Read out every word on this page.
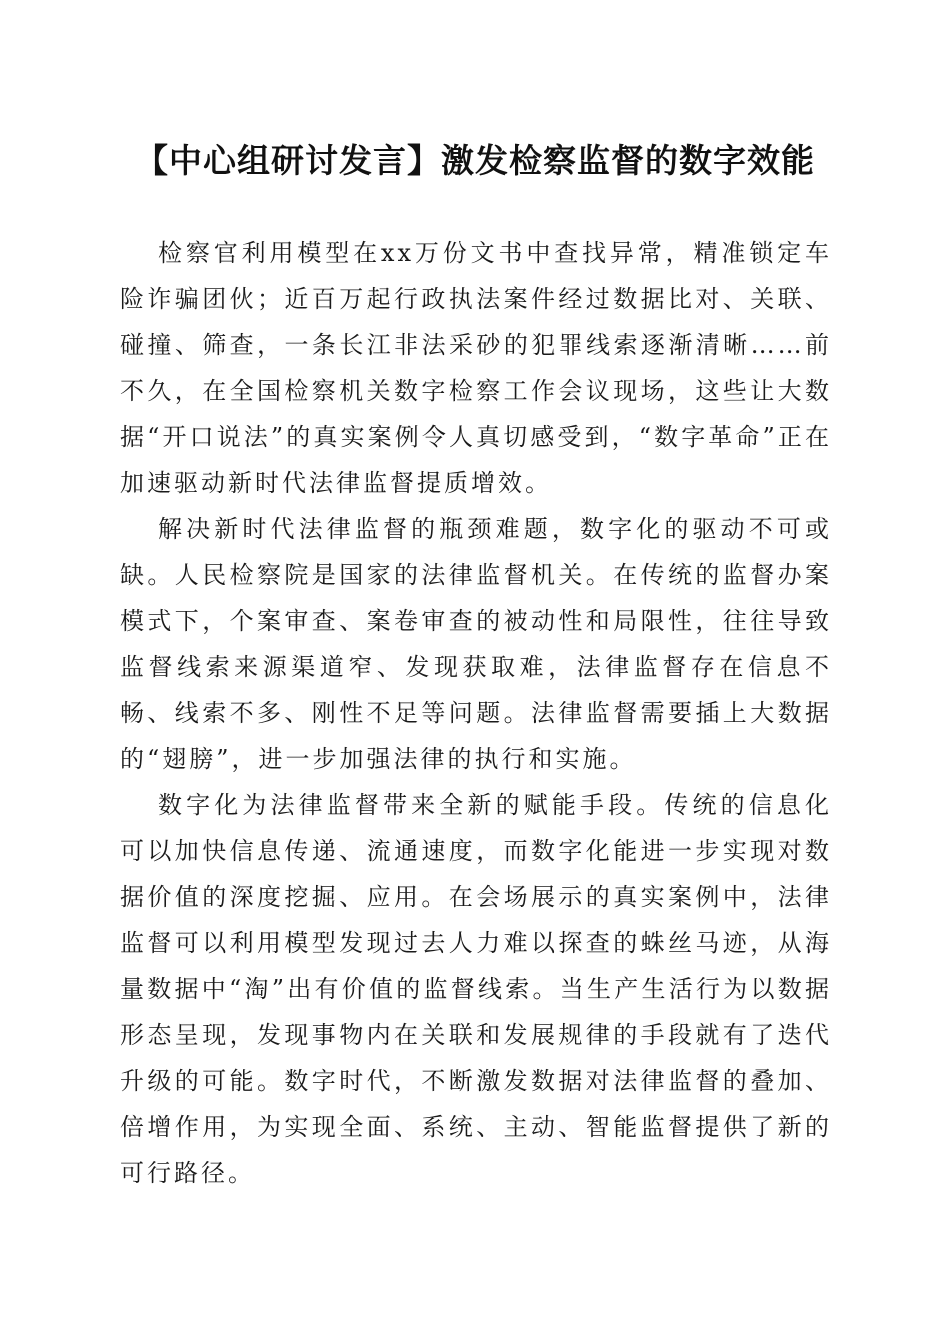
【中心组研讨发言】激发检察监督的数字效能

检察官利用模型在xx万份文书中查找异常，精准锁定车险诈骗团伙；近百万起行政执法案件经过数据比对、关联、碰撞、筛查，一条长江非法采砂的犯罪线索逐渐清晰……前不久，在全国检察机关数字检察工作会议现场，这些让大数据“开口说法”的真实案例令人真切感受到，“数字革命”正在加速驱动新时代法律监督提质增效。

解决新时代法律监督的瓶颈难题，数字化的驱动不可或缺。人民检察院是国家的法律监督机关。在传统的监督办案模式下，个案审查、案卷审查的被动性和局限性，往往导致监督线索来源渠道窄、发现获取难，法律监督存在信息不畅、线索不多、刚性不足等问题。法律监督需要插上大数据的“翅膀”，进一步加强法律的执行和实施。

数字化为法律监督带来全新的赋能手段。传统的信息化可以加快信息传递、流通速度，而数字化能进一步实现对数据价值的深度挖掘、应用。在会场展示的真实案例中，法律监督可以利用模型发现过去人力难以探查的蛛丝马迹，从海量数据中“淘”出有价值的监督线索。当生产生活行为以数据形态呈现，发现事物内在关联和发展规律的手段就有了迭代升级的可能。数字时代，不断激发数据对法律监督的叠加、倍增作用，为实现全面、系统、主动、智能监督提供了新的可行路径。
